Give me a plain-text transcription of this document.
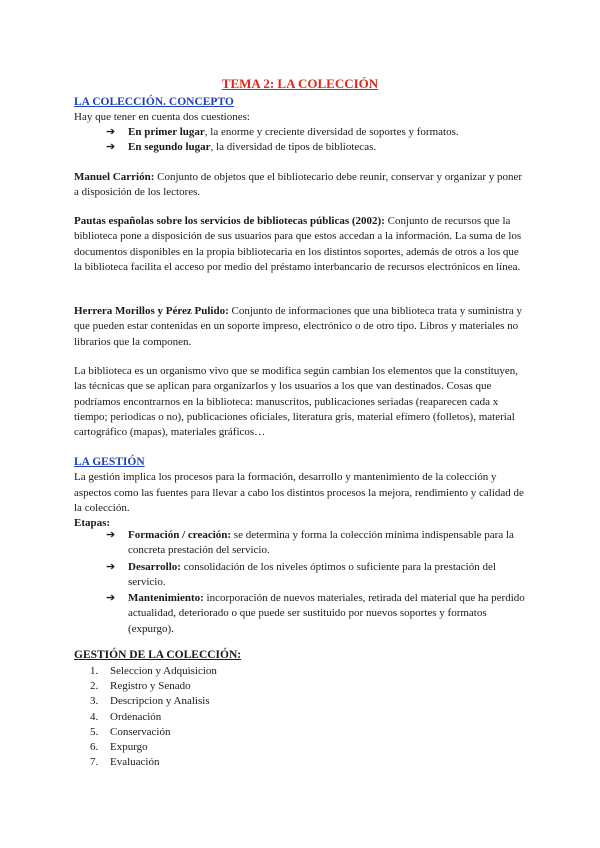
TEMA 2: LA COLECCIÓN
LA COLECCIÓN. CONCEPTO

Hay que tener en cuenta dos cuestiones:

➔	En primer lugar, la enorme y creciente diversidad de soportes y formatos.
➔	En segundo lugar, la diversidad de tipos de bibliotecas.

Manuel Carrión: Conjunto de objetos que el bibliotecario debe reunir, conservar y organizar y poner a disposición de los lectores.

Pautas españolas sobre los servicios de bibliotecas públicas (2002): Conjunto de recursos que la biblioteca pone a disposición de sus usuarios para que estos accedan a la información. La suma de los documentos disponibles en la propia bibliotecaria en los distintos soportes, además de otros a los que la biblioteca facilita el acceso por medio del préstamo interbancario de recursos electrónicos en línea.

Herrera Morillos y Pérez Pulido: Conjunto de informaciones que una biblioteca trata y suministra y que pueden estar contenidas en un soporte impreso, electrónico o de otro tipo. Libros y materiales no librarios que la componen.

La biblioteca es un organismo vivo que se modifica según cambian los elementos que la constituyen, las técnicas que se aplican para organizarlos y los usuarios a los que van destinados. Cosas que podríamos encontrarnos en la biblioteca: manuscritos, publicaciones seriadas (reaparecen cada x tiempo; periodicas o no), publicaciones oficiales, literatura gris, material efímero (folletos), material cartográfico (mapas), materiales gráficos…

LA GESTIÓN

La gestión implica los procesos para la formación, desarrollo y mantenimiento de la colección y aspectos como las fuentes para llevar a cabo los distintos procesos la mejora, rendimiento y calidad de la colección.

Etapas:

➔	Formación / creación: se determina y forma la colección mínima indispensable para la concreta prestación del servicio.
➔	Desarrollo: consolidación de los niveles óptimos o suficiente para la prestación del servicio.
➔	Mantenimiento: incorporación de nuevos materiales, retirada del material que ha perdido actualidad, deteriorado o que puede ser sustituido por nuevos soportes y formatos (expurgo).
GESTIÓN DE LA COLECCIÓN:
1.	Seleccion y Adquisicion
2.	Registro y Senado
3.	Descripcion y Analisis
4.	Ordenación
5.	Conservación
6.	Expurgo
7.	Evaluación
